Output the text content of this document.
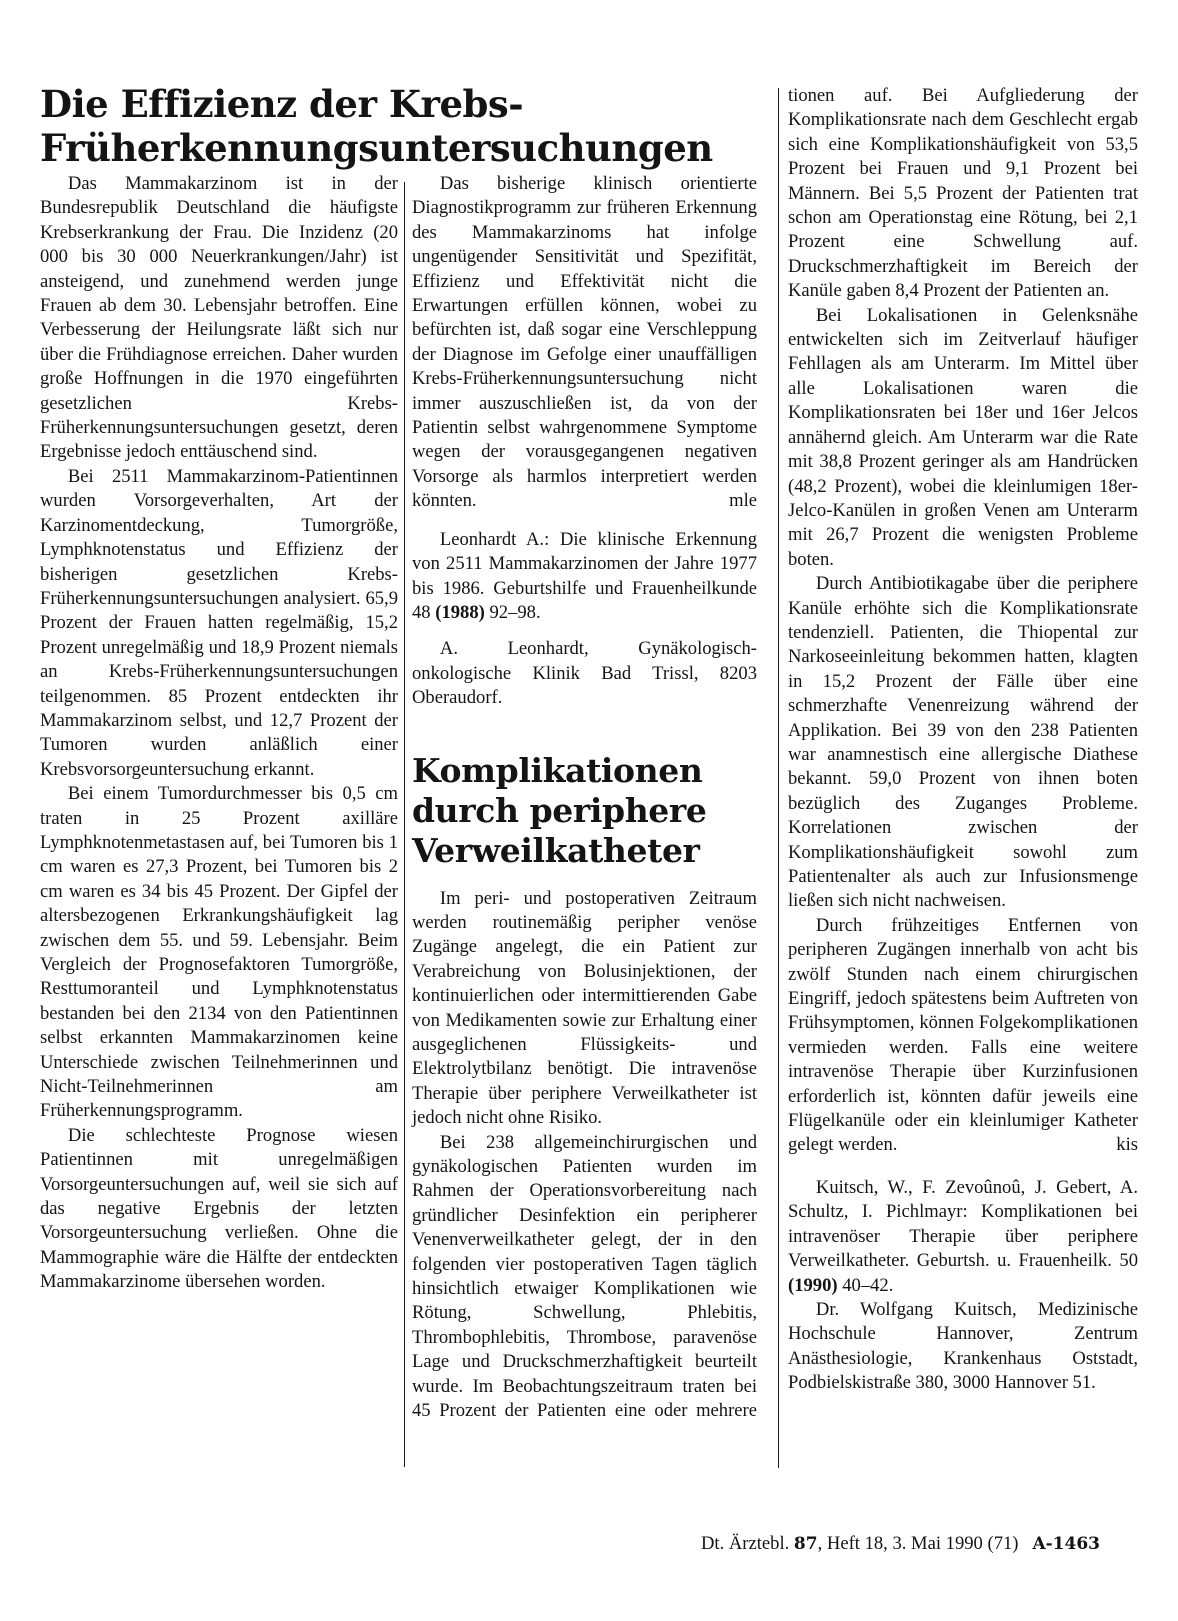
Die Effizienz der Krebs-Früherkennungsuntersuchungen

Das Mammakarzinom ist in der Bundesrepublik Deutschland die häufigste Krebserkrankung der Frau. Die Inzidenz (20 000 bis 30 000 Neuerkrankungen/Jahr) ist ansteigend, und zunehmend werden junge Frauen ab dem 30. Lebensjahr betroffen. Eine Verbesserung der Heilungsrate läßt sich nur über die Frühdiagnose erreichen. Daher wurden große Hoffnungen in die 1970 eingeführten gesetzlichen Krebs-Früherkennungsuntersuchungen gesetzt, deren Ergebnisse jedoch enttäuschend sind.

Bei 2511 Mammakarzinom-Patientinnen wurden Vorsorgeverhalten, Art der Karzinomentdeckung, Tumorgröße, Lymphknotenstatus und Effizienz der bisherigen gesetzlichen Krebs-Früherkennungsuntersuchungen analysiert. 65,9 Prozent der Frauen hatten regelmäßig, 15,2 Prozent unregelmäßig und 18,9 Prozent niemals an Krebs-Früherkennungsuntersuchungen teilgenommen. 85 Prozent entdeckten ihr Mammakarzinom selbst, und 12,7 Prozent der Tumoren wurden anläßlich einer Krebsvorsorgeuntersuchung erkannt.

Bei einem Tumordurchmesser bis 0,5 cm traten in 25 Prozent axilläre Lymphknotenmetastasen auf, bei Tumoren bis 1 cm waren es 27,3 Prozent, bei Tumoren bis 2 cm waren es 34 bis 45 Prozent. Der Gipfel der altersbezogenen Erkrankungshäufigkeit lag zwischen dem 55. und 59. Lebensjahr. Beim Vergleich der Prognosefaktoren Tumorgröße, Resttumoranteil und Lymphknotenstatus bestanden bei den 2134 von den Patientinnen selbst erkannten Mammakarzinomen keine Unterschiede zwischen Teilnehmerinnen und Nicht-Teilnehmerinnen am Früherkennungsprogramm.

Die schlechteste Prognose wiesen Patientinnen mit unregelmäßigen Vorsorgeuntersuchungen auf, weil sie sich auf das negative Ergebnis der letzten Vorsorgeuntersuchung verließen. Ohne die Mammographie wäre die Hälfte der entdeckten Mammakarzinome übersehen worden.

Das bisherige klinisch orientierte Diagnostikprogramm zur früheren Erkennung des Mammakarzinoms hat infolge ungenügender Sensitivität und Spezifität, Effizienz und Effektivität nicht die Erwartungen erfüllen können, wobei zu befürchten ist, daß sogar eine Verschleppung der Diagnose im Gefolge einer unauffälligen Krebs-Früherkennungsuntersuchung nicht immer auszuschließen ist, da von der Patientin selbst wahrgenommene Symptome wegen der vorausgegangenen negativen Vorsorge als harmlos interpretiert werden könnten.	mle

Leonhardt A.: Die klinische Erkennung von 2511 Mammakarzinomen der Jahre 1977 bis 1986. Geburtshilfe und Frauenheilkunde 48 (1988) 92–98.

A. Leonhardt, Gynäkologisch-onkologische Klinik Bad Trissl, 8203 Oberaudorf.

Komplikationen durch periphere Verweilkatheter

Im peri- und postoperativen Zeitraum werden routinemäßig peripher venöse Zugänge angelegt, die ein Patient zur Verabreichung von Bolusinjektionen, der kontinuierlichen oder intermittierenden Gabe von Medikamenten sowie zur Erhaltung einer ausgeglichenen Flüssigkeits- und Elektrolytbilanz benötigt. Die intravenöse Therapie über periphere Verweilkatheter ist jedoch nicht ohne Risiko.

Bei 238 allgemeinchirurgischen und gynäkologischen Patienten wurden im Rahmen der Operationsvorbereitung nach gründlicher Desinfektion ein peripherer Venenverweilkatheter gelegt, der in den folgenden vier postoperativen Tagen täglich hinsichtlich etwaiger Komplikationen wie Rötung, Schwellung, Phlebitis, Thrombophlebitis, Thrombose, paravenöse Lage und Druckschmerzhaftigkeit beurteilt wurde. Im Beobachtungszeitraum traten bei 45 Prozent der Patienten eine oder mehrere

tionen auf. Bei Aufgliederung der Komplikationsrate nach dem Geschlecht ergab sich eine Komplikationshäufigkeit von 53,5 Prozent bei Frauen und 9,1 Prozent bei Männern. Bei 5,5 Prozent der Patienten trat schon am Operationstag eine Rötung, bei 2,1 Prozent eine Schwellung auf. Druckschmerzhaftigkeit im Bereich der Kanüle gaben 8,4 Prozent der Patienten an.

Bei Lokalisationen in Gelenksnähe entwickelten sich im Zeitverlauf häufiger Fehllagen als am Unterarm. Im Mittel über alle Lokalisationen waren die Komplikationsraten bei 18er und 16er Jelcos annähernd gleich. Am Unterarm war die Rate mit 38,8 Prozent geringer als am Handrücken (48,2 Prozent), wobei die kleinlumigen 18er-Jelco-Kanülen in großen Venen am Unterarm mit 26,7 Prozent die wenigsten Probleme boten.

Durch Antibiotikagabe über die periphere Kanüle erhöhte sich die Komplikationsrate tendenziell. Patienten, die Thiopental zur Narkoseeinleitung bekommen hatten, klagten in 15,2 Prozent der Fälle über eine schmerzhafte Venenreizung während der Applikation. Bei 39 von den 238 Patienten war anamnestisch eine allergische Diathese bekannt. 59,0 Prozent von ihnen boten bezüglich des Zuganges Probleme. Korrelationen zwischen der Komplikationshäufigkeit sowohl zum Patientenalter als auch zur Infusionsmenge ließen sich nicht nachweisen.

Durch frühzeitiges Entfernen von peripheren Zugängen innerhalb von acht bis zwölf Stunden nach einem chirurgischen Eingriff, jedoch spätestens beim Auftreten von Frühsymptomen, können Folgekomplikationen vermieden werden. Falls eine weitere intravenöse Therapie über Kurzinfusionen erforderlich ist, könnten dafür jeweils eine Flügelkanüle oder ein kleinlumiger Katheter gelegt werden.	kis

Kuitsch, W., F. Zevoûnoû, J. Gebert, A. Schultz, I. Pichlmayr: Komplikationen bei intravenöser Therapie über periphere Verweilkatheter. Geburtsh. u. Frauenheilk. 50 (1990) 40–42.

Dr. Wolfgang Kuitsch, Medizinische Hochschule Hannover, Zentrum Anästhesiologie, Krankenhaus Oststadt, Podbielskistraße 380, 3000 Hannover 51.

Dt. Ärztebl. 87, Heft 18, 3. Mai 1990 (71) A-1463
